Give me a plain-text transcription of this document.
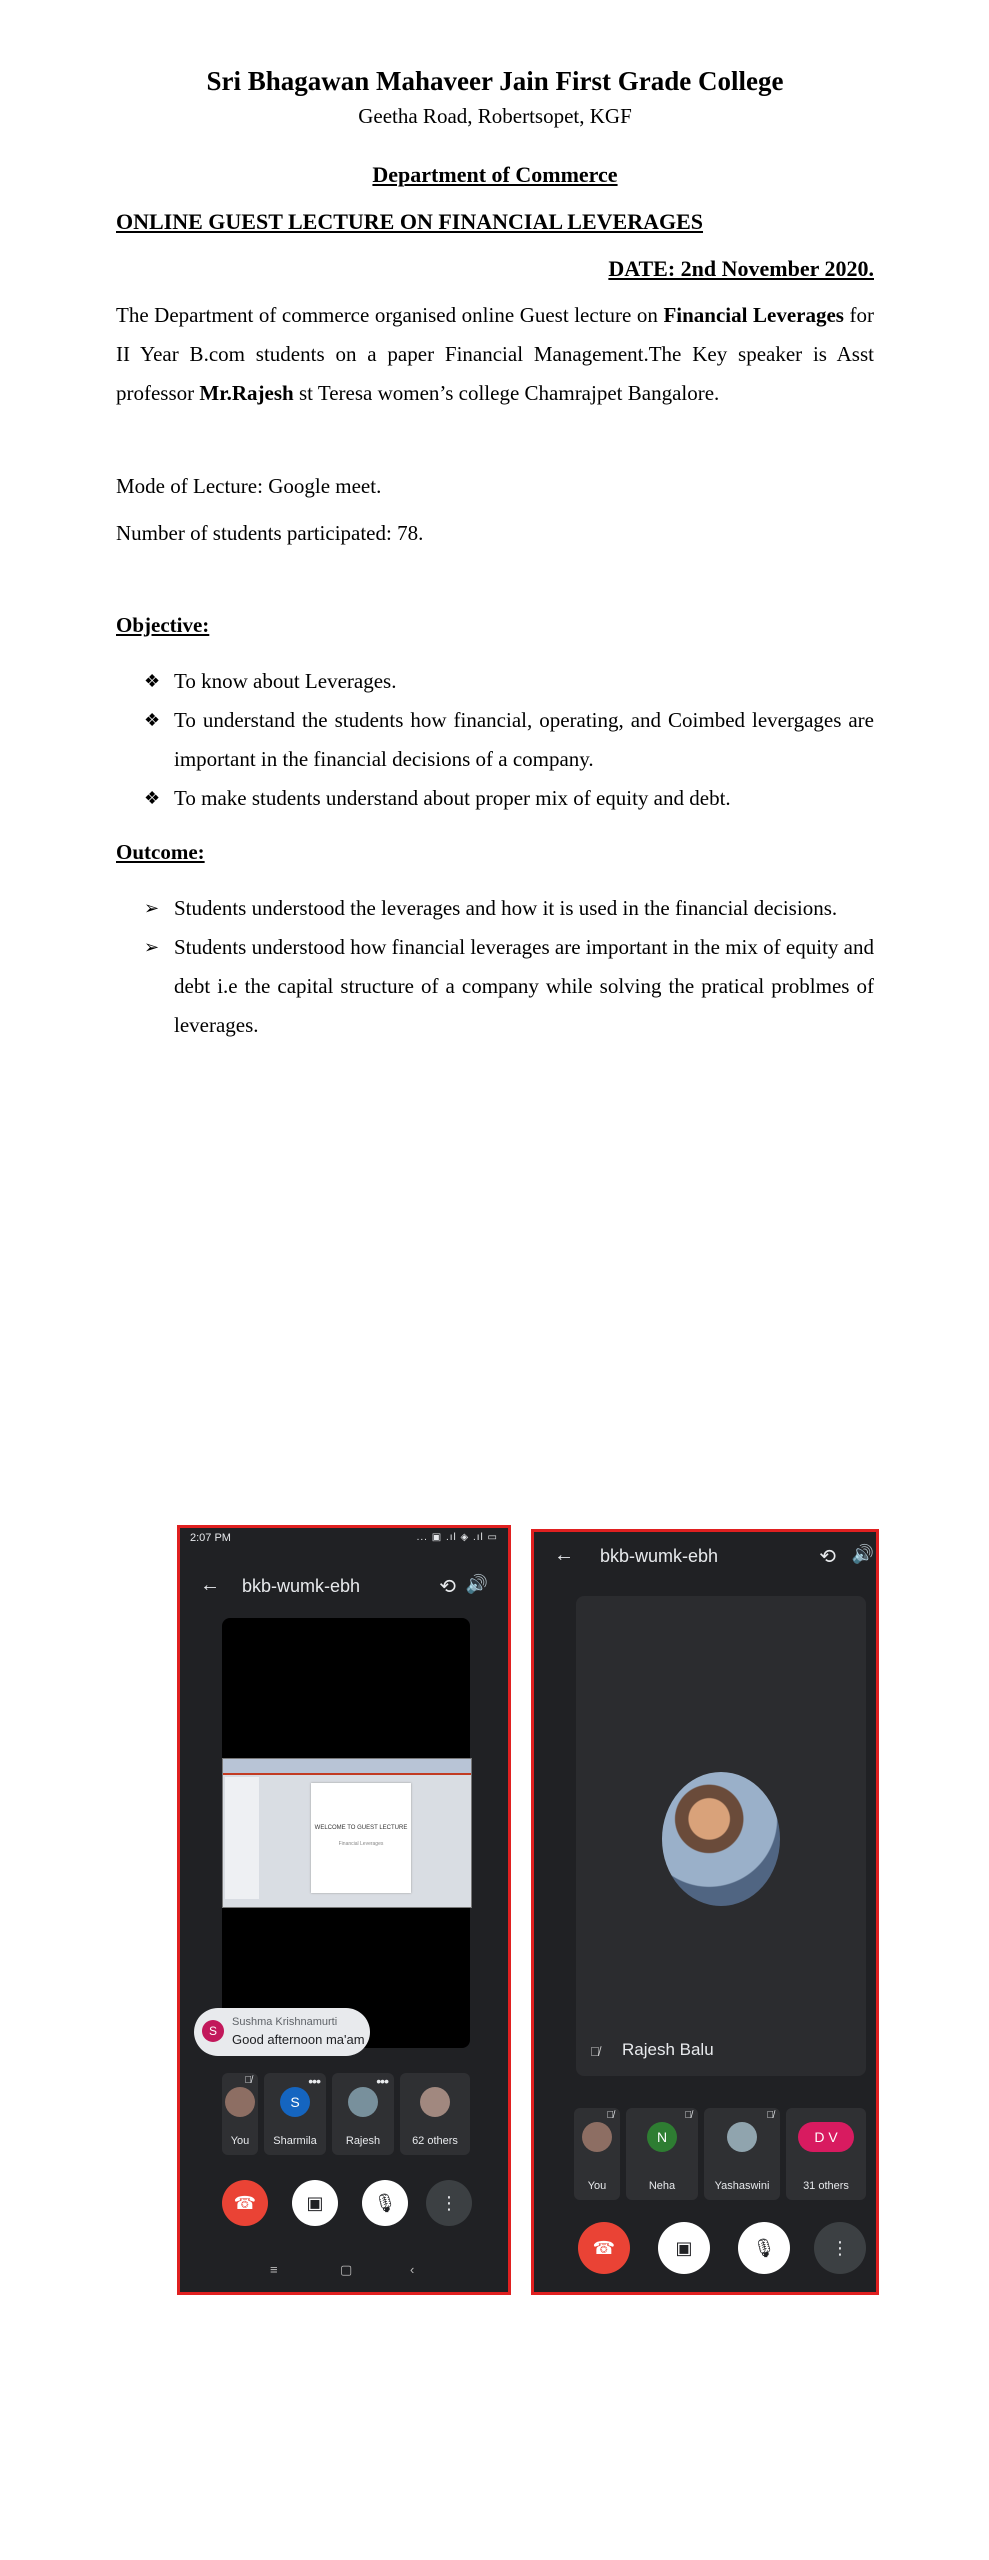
Sri Bhagawan Mahaveer Jain First Grade College
Geetha Road, Robertsopet, KGF
Department of Commerce
ONLINE GUEST LECTURE ON FINANCIAL LEVERAGES
DATE: 2nd November 2020.
The Department of commerce organised online Guest lecture on Financial Leverages for II Year B.com students on a paper Financial Management.The Key speaker is Asst professor Mr.Rajesh st Teresa women’s college Chamrajpet Bangalore.
Mode of Lecture: Google meet.
Number of students participated: 78.
Objective:
❖ To know about Leverages.
❖ To understand the students how financial, operating, and Coimbed levergages are important in the financial decisions of a company.
❖ To make students understand about proper mix of equity and debt.
Outcome:
➢ Students understood the leverages and how it is used in the financial decisions.
➢ Students understood how financial leverages are important in the mix of equity and debt i.e the capital structure of a company while solving the pratical problmes of leverages.
2:07 PM	... ▣ .ıl ◈ .ıl ▭
← bkb-wumk-ebh	⟲ 🔊
WELCOME TO GUEST LECTURE
Financial Leverages
S
Sushma Krishnamurti
Good afternoon ma'am
🎙̸
You
•••
S
Sharmila
•••
Rajesh	62 others
☎	▣	🎙	⋮
≡	▢	‹
← bkb-wumk-ebh	⟲ 🔊
🎙̸ Rajesh Balu
🎙̸
You
🎙̸
N
Neha
🎙̸
Yashaswini
D V
31 others
☎	▣	🎙	⋮
